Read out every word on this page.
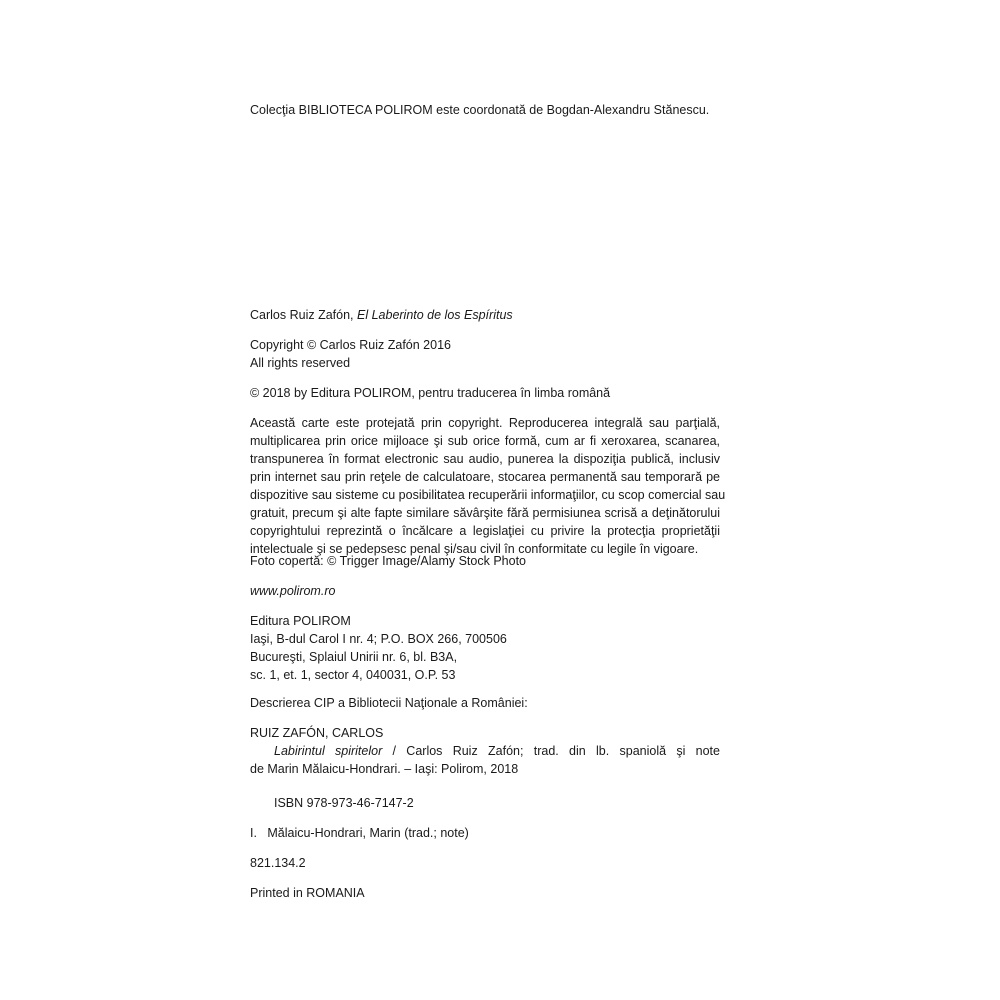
Colecţia BIBLIOTECA POLIROM este coordonată de Bogdan-Alexandru Stănescu.

Carlos Ruiz Zafón, El Laberinto de los Espíritus

Copyright © Carlos Ruiz Zafón 2016
All rights reserved

© 2018 by Editura POLIROM, pentru traducerea în limba română

Această carte este protejată prin copyright. Reproducerea integrală sau parţială,
multiplicarea prin orice mijloace şi sub orice formă, cum ar fi xeroxarea, scanarea,
transpunerea în format electronic sau audio, punerea la dispoziţia publică, inclusiv
prin internet sau prin reţele de calculatoare, stocarea permanentă sau temporară pe
dispozitive sau sisteme cu posibilitatea recuperării informaţiilor, cu scop comercial sau
gratuit, precum şi alte fapte similare săvârşite fără permisiunea scrisă a deţinătorului
copyrightului reprezintă o încălcare a legislaţiei cu privire la protecţia proprietăţii
intelectuale şi se pedepsesc penal şi/sau civil în conformitate cu legile în vigoare.

Foto copertă: © Trigger Image/Alamy Stock Photo

www.polirom.ro

Editura POLIROM
Iaşi, B-dul Carol I nr. 4; P.O. BOX 266, 700506
Bucureşti, Splaiul Unirii nr. 6, bl. B3A,
sc. 1, et. 1, sector 4, 040031, O.P. 53

Descrierea CIP a Bibliotecii Naţionale a României:

RUIZ ZAFÓN, CARLOS
Labirintul spiritelor / Carlos Ruiz Zafón; trad. din lb. spaniolă şi note
de Marin Mălaicu-Hondrari. – Iaşi: Polirom, 2018

ISBN 978-973-46-7147-2

I.   Mălaicu-Hondrari, Marin (trad.; note)

821.134.2

Printed in ROMANIA
